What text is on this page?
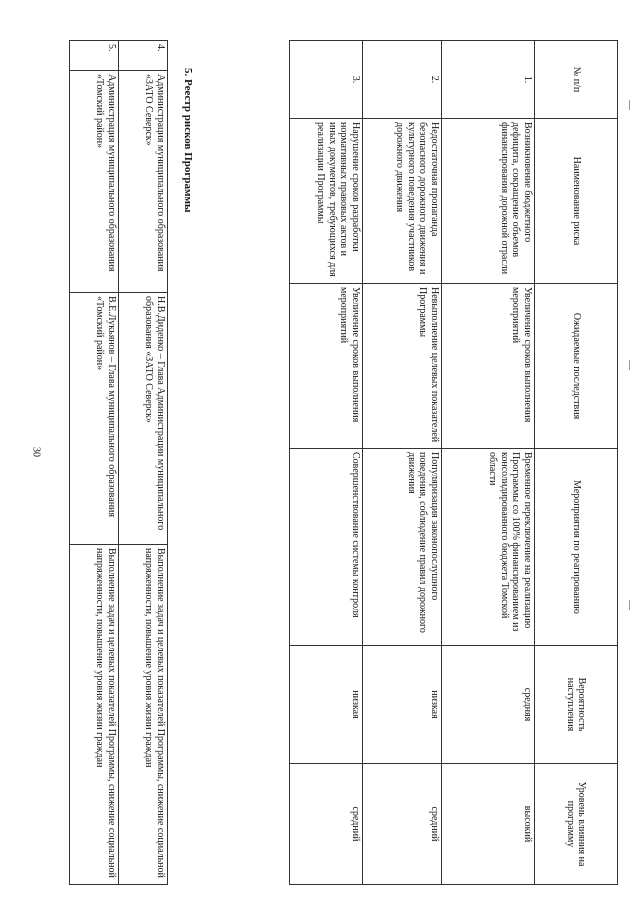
30
№ п/п	Наименование риска	Ожидаемые последствия	Мероприятия по реагированию	Вероятность наступления	Уровень влияния на программу
1.	Возникновение бюджетного дефицита, сокращение объемов финансирования дорожной отрасли	Увеличение сроков выполнения мероприятий	Временное переключение на реализацию Программы со 100% финансированием из консолидированного бюджета Томской области	средняя	высокий
2.	Недостаточная пропаганда безопасного дорожного движения и культурного поведения участников дорожного движения	Невыполнение целевых показателей Программы	Популяризация законопослушного поведения, соблюдение правил дорожного движения	низкая	средний
3.	Нарушение сроков разработки нормативных правовых актов и иных документов, требующихся для реализации Программы	Увеличение сроков выполнения мероприятий	Совершенствование системы контроля	низкая	средний
5. Реестр рисков Программы
4.	Администрация муниципального образования «ЗАТО Северск»	Н.В.Диденко – Глава Администрации муниципального образования «ЗАТО Северск»	Выполнение задач и целевых показателей Программы, снижение социальной напряженности, повышение уровня жизни граждан
5.	Администрация муниципального образования «Томский район»	В.Е.Лукьянов – Глава муниципального образования «Томский район»	Выполнение задач и целевых показателей Программы, снижение социальной напряженности, повышение уровня жизни граждан
